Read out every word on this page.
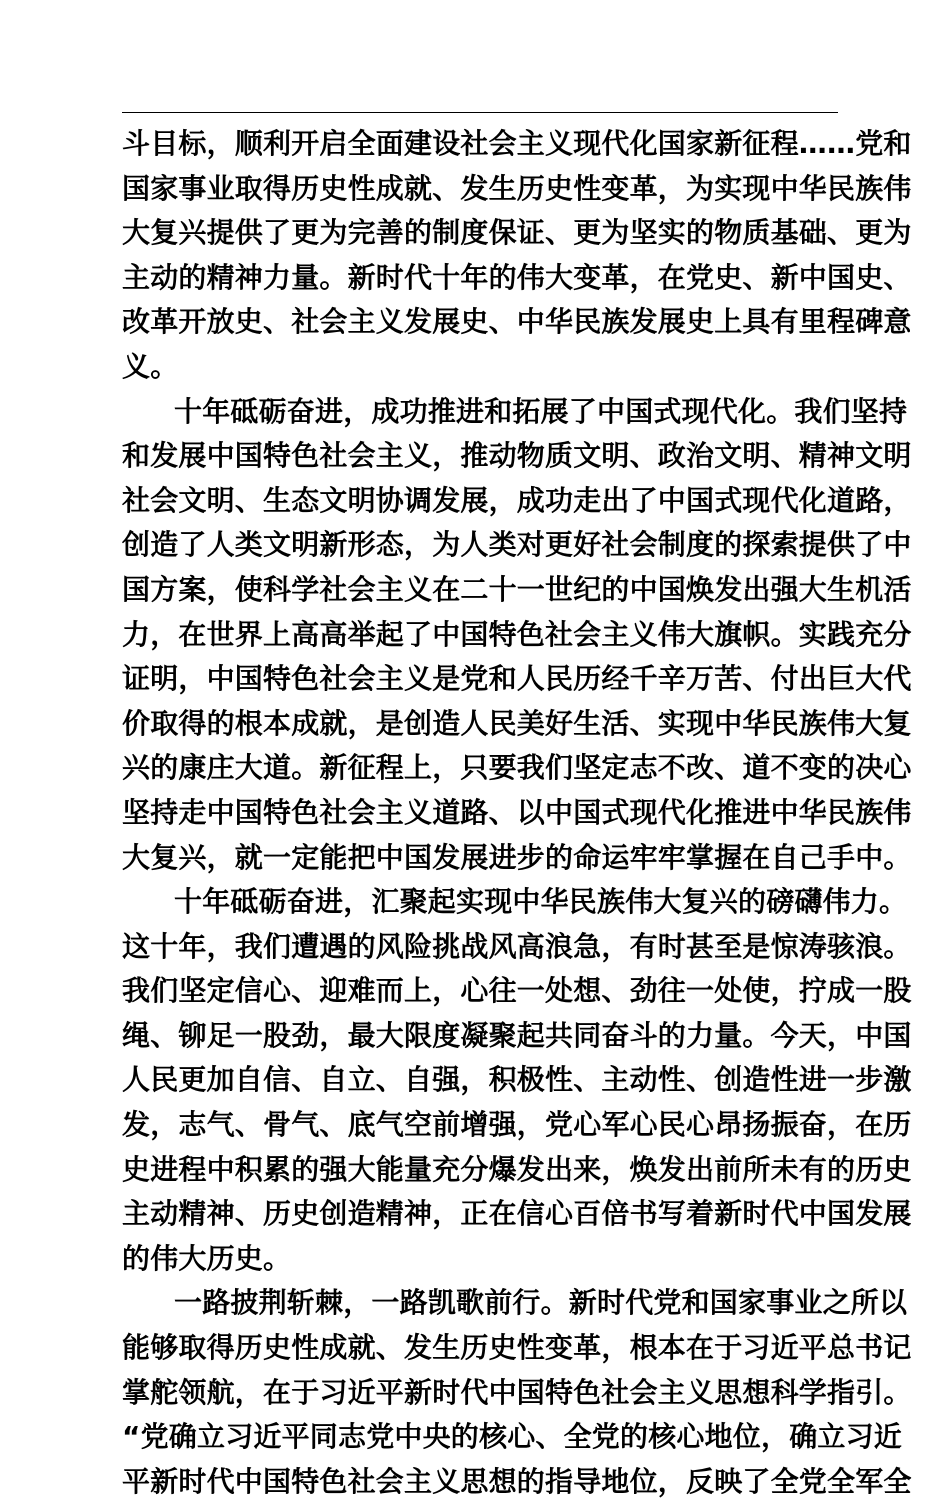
斗目标，顺利开启全面建设社会主义现代化国家新征程……党和
国家事业取得历史性成就、发生历史性变革，为实现中华民族伟
大复兴提供了更为完善的制度保证、更为坚实的物质基础、更为
主动的精神力量。新时代十年的伟大变革，在党史、新中国史、
改革开放史、社会主义发展史、中华民族发展史上具有里程碑意
义。
十年砥砺奋进，成功推进和拓展了中国式现代化。我们坚持
和发展中国特色社会主义，推动物质文明、政治文明、精神文明
社会文明、生态文明协调发展，成功走出了中国式现代化道路，
创造了人类文明新形态，为人类对更好社会制度的探索提供了中
国方案，使科学社会主义在二十一世纪的中国焕发出强大生机活
力，在世界上高高举起了中国特色社会主义伟大旗帜。实践充分
证明，中国特色社会主义是党和人民历经千辛万苦、付出巨大代
价取得的根本成就，是创造人民美好生活、实现中华民族伟大复
兴的康庄大道。新征程上，只要我们坚定志不改、道不变的决心
坚持走中国特色社会主义道路、以中国式现代化推进中华民族伟
大复兴，就一定能把中国发展进步的命运牢牢掌握在自己手中。
十年砥砺奋进，汇聚起实现中华民族伟大复兴的磅礴伟力。
这十年，我们遭遇的风险挑战风高浪急，有时甚至是惊涛骇浪。
我们坚定信心、迎难而上，心往一处想、劲往一处使，拧成一股
绳、铆足一股劲，最大限度凝聚起共同奋斗的力量。今天，中国
人民更加自信、自立、自强，积极性、主动性、创造性进一步激
发，志气、骨气、底气空前增强，党心军心民心昂扬振奋，在历
史进程中积累的强大能量充分爆发出来，焕发出前所未有的历史
主动精神、历史创造精神，正在信心百倍书写着新时代中国发展
的伟大历史。
一路披荆斩棘，一路凯歌前行。新时代党和国家事业之所以
能够取得历史性成就、发生历史性变革，根本在于习近平总书记
掌舵领航，在于习近平新时代中国特色社会主义思想科学指引。
“党确立习近平同志党中央的核心、全党的核心地位，确立习近
平新时代中国特色社会主义思想的指导地位，反映了全党全军全
